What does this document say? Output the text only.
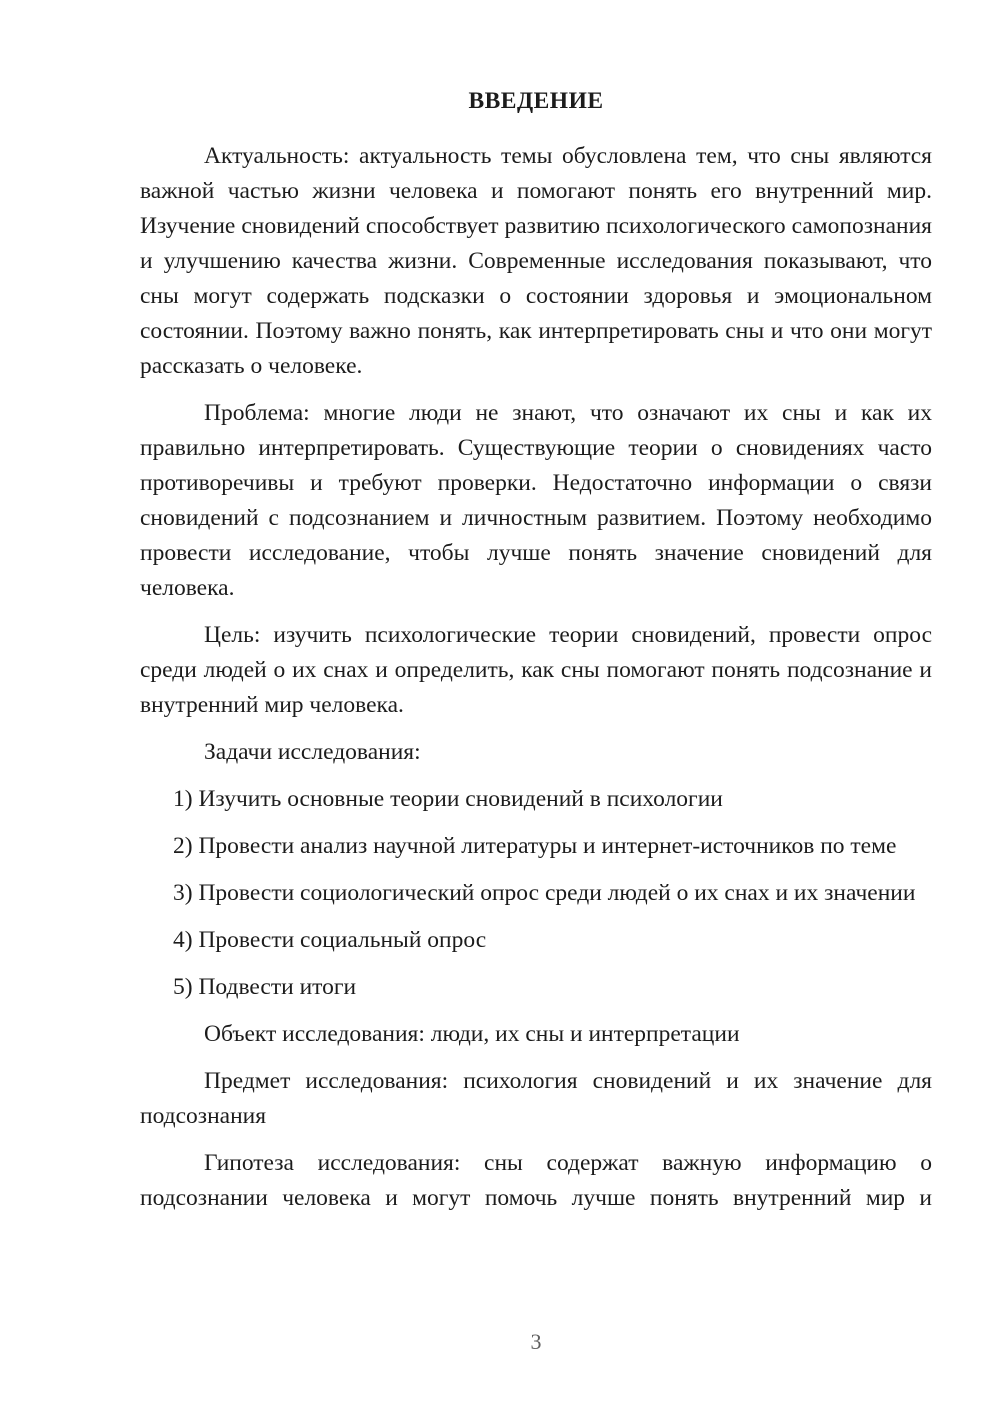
ВВЕДЕНИЕ

Актуальность: актуальность темы обусловлена тем, что сны являются важной частью жизни человека и помогают понять его внутренний мир. Изучение сновидений способствует развитию психологического самопознания и улучшению качества жизни. Современные исследования показывают, что сны могут содержать подсказки о состоянии здоровья и эмоциональном состоянии. Поэтому важно понять, как интерпретировать сны и что они могут рассказать о человеке.

Проблема: многие люди не знают, что означают их сны и как их правильно интерпретировать. Существующие теории о сновидениях часто противоречивы и требуют проверки. Недостаточно информации о связи сновидений с подсознанием и личностным развитием. Поэтому необходимо провести исследование, чтобы лучше понять значение сновидений для человека.

Цель: изучить психологические теории сновидений, провести опрос среди людей о их снах и определить, как сны помогают понять подсознание и внутренний мир человека.

Задачи исследования:

1) Изучить основные теории сновидений в психологии

2) Провести анализ научной литературы и интернет-источников по теме

3) Провести социологический опрос среди людей о их снах и их значении

4) Провести социальный опрос

5) Подвести итоги

Объект исследования: люди, их сны и интерпретации

Предмет исследования: психология сновидений и их значение для подсознания

Гипотеза исследования: сны содержат важную информацию о подсознании человека и могут помочь лучше понять внутренний мир и

3
